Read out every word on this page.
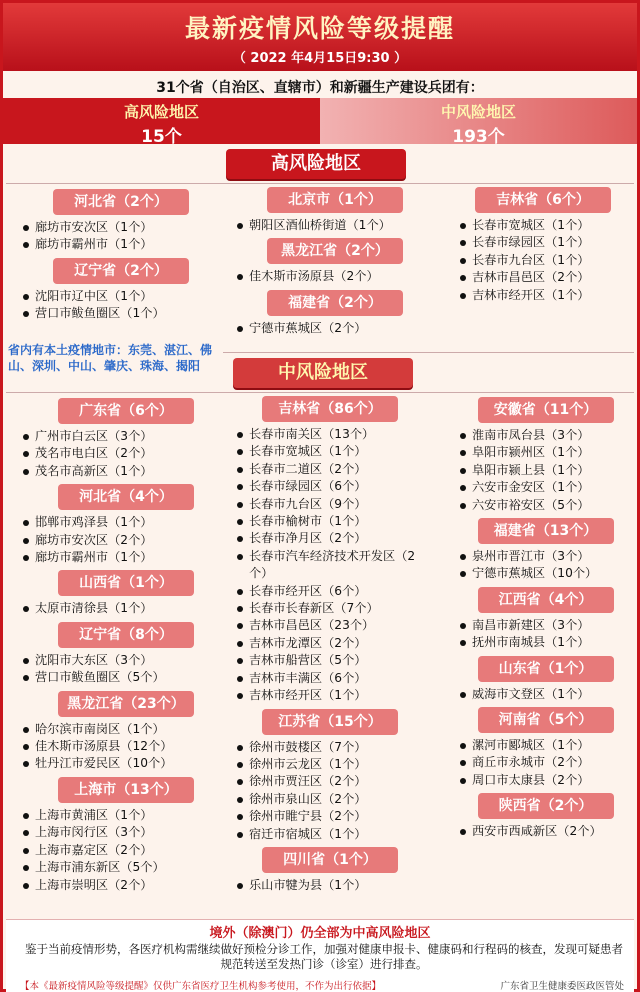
最新疫情风险等级提醒
（ 2022 年4月15日9:30 ）
31个省（自治区、直辖市）和新疆生产建设兵团有：
高风险地区
15个
中风险地区
193个
高风险地区
河北省（2个）
廊坊市安次区（1个）
廊坊市霸州市（1个）
辽宁省（2个）
沈阳市辽中区（1个）
营口市鲅鱼圈区（1个）
北京市（1个）
朝阳区酒仙桥街道（1个）
黑龙江省（2个）
佳木斯市汤原县（2个）
福建省（2个）
宁德市蕉城区（2个）
吉林省（6个）
长春市宽城区（1个）
长春市绿园区（1个）
长春市九台区（1个）
吉林市昌邑区（2个）
吉林市经开区（1个）
省内有本土疫情地市：东莞、湛江、佛山、深圳、中山、肇庆、珠海、揭阳	中风险地区
广东省（6个）
广州市白云区（3个）
茂名市电白区（2个）
茂名市高新区（1个）
河北省（4个）
邯郸市鸡泽县（1个）
廊坊市安次区（2个）
廊坊市霸州市（1个）
山西省（1个）
太原市清徐县（1个）
辽宁省（8个）
沈阳市大东区（3个）
营口市鲅鱼圈区（5个）
黑龙江省（23个）
哈尔滨市南岗区（1个）
佳木斯市汤原县（12个）
牡丹江市爱民区（10个）
上海市（13个）
上海市黄浦区（1个）
上海市闵行区（3个）
上海市嘉定区（2个）
上海市浦东新区（5个）
上海市崇明区（2个）
吉林省（86个）
长春市南关区（13个）
长春市宽城区（1个）
长春市二道区（2个）
长春市绿园区（6个）
长春市九台区（9个）
长春市榆树市（1个）
长春市净月区（2个）
长春市汽车经济技术开发区（2个）
长春市经开区（6个）
长春市长春新区（7个）
吉林市昌邑区（23个）
吉林市龙潭区（2个）
吉林市船营区（5个）
吉林市丰满区（6个）
吉林市经开区（1个）
江苏省（15个）
徐州市鼓楼区（7个）
徐州市云龙区（1个）
徐州市贾汪区（2个）
徐州市泉山区（2个）
徐州市睢宁县（2个）
宿迁市宿城区（1个）
四川省（1个）
乐山市犍为县（1个）
安徽省（11个）
淮南市凤台县（3个）
阜阳市颍州区（1个）
阜阳市颍上县（1个）
六安市金安区（1个）
六安市裕安区（5个）
福建省（13个）
泉州市晋江市（3个）
宁德市蕉城区（10个）
江西省（4个）
南昌市新建区（3个）
抚州市南城县（1个）
山东省（1个）
威海市文登区（1个）
河南省（5个）
漯河市郾城区（1个）
商丘市永城市（2个）
周口市太康县（2个）
陕西省（2个）
西安市西咸新区（2个）
境外（除澳门）仍全部为中高风险地区
鉴于当前疫情形势，各医疗机构需继续做好预检分诊工作，加强对健康申报卡、健康码和行程码的核查，发现可疑患者规范转送至发热门诊（诊室）进行排查。
【本《最新疫情风险等级提醒》仅供广东省医疗卫生机构参考使用，不作为出行依据】	广东省卫生健康委医政医管处
